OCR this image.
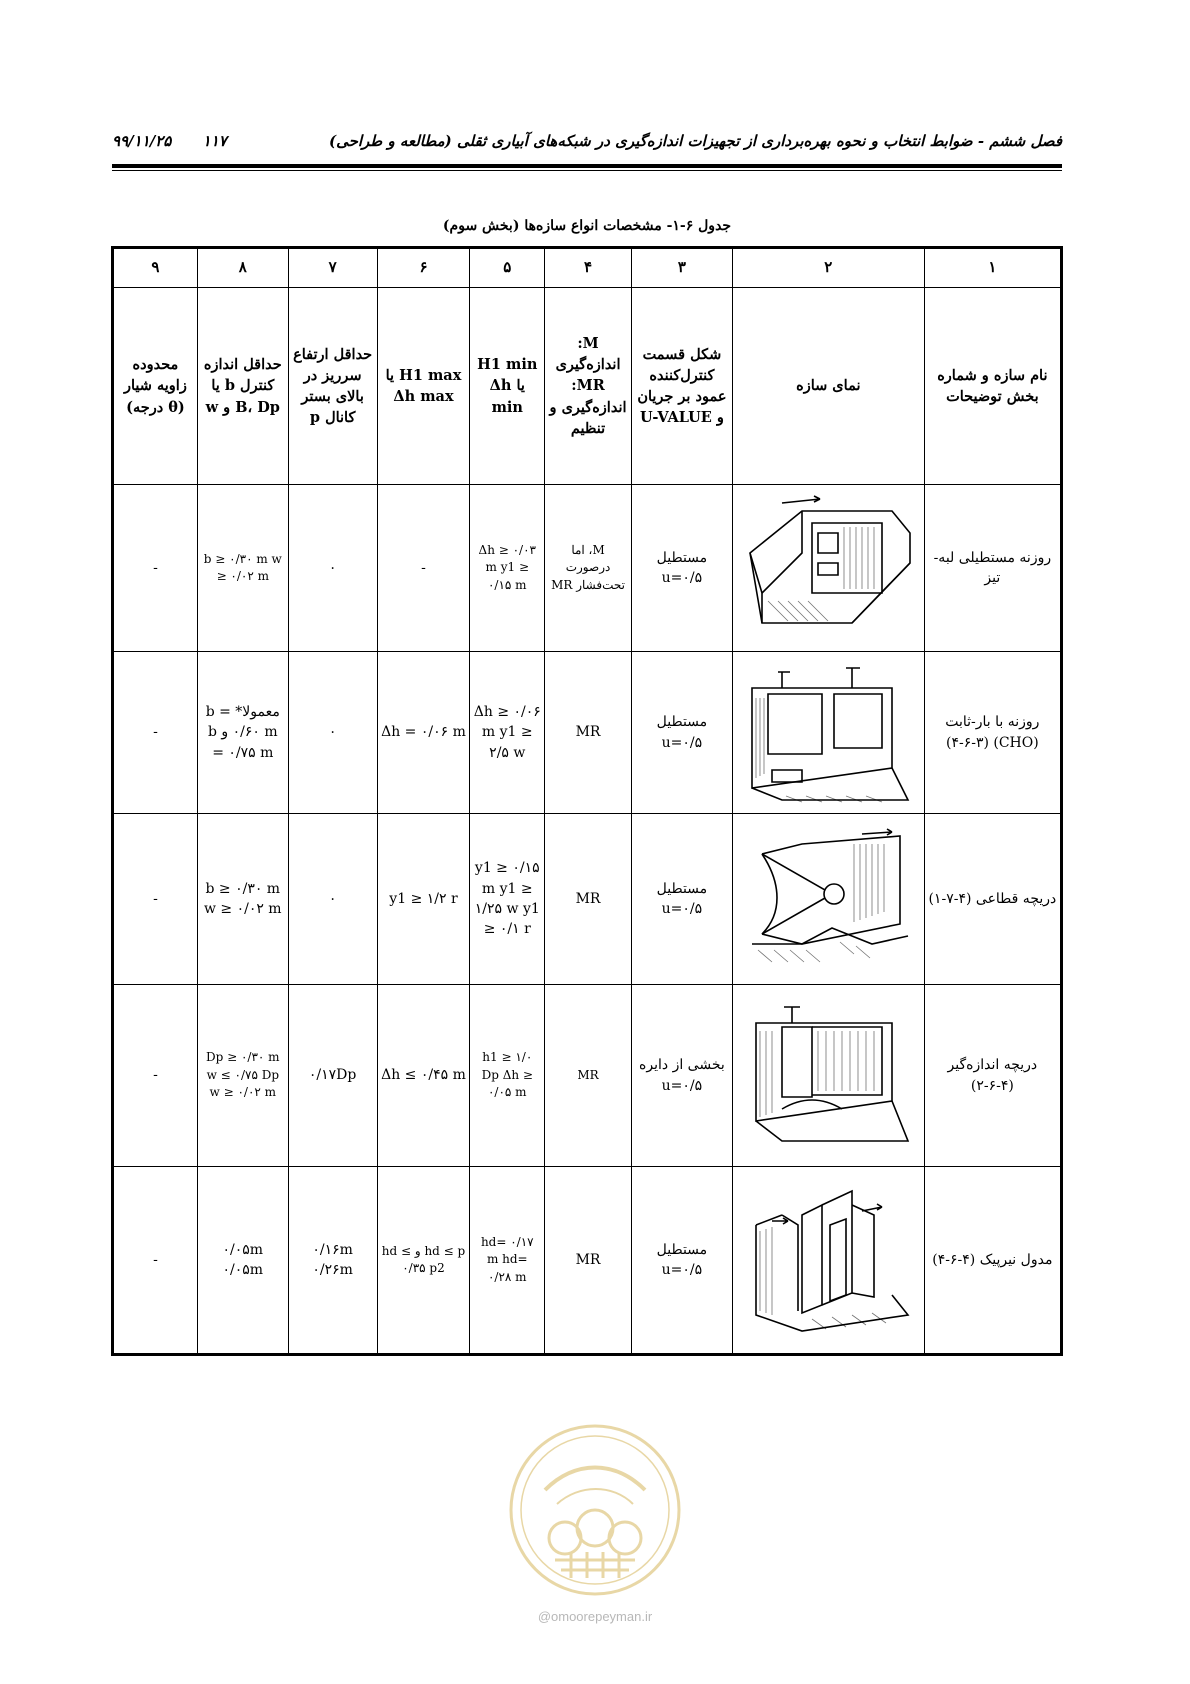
فصل ششم - ضوابط انتخاب و نحوه بهره‌برداری از تجهیزات اندازه‌گیری در شبکه‌های آبیاری ثقلی (مطالعه و طراحی)
۱۱۷      ۹۹/۱۱/۲۵
جدول ۶-۱- مشخصات انواع سازه‌ها (بخش سوم)
۱	۲	۳	۴	۵	۶	۷	۸	۹
نام سازه و شماره بخش توضیحات	نمای سازه	شکل قسمت کنترل‌کننده عمود بر جریان و U-VALUE	M: اندازه‌گیری MR: اندازه‌گیری و تنظیم	H1 min یا Δh min	H1 max یا Δh max	حداقل ارتفاع سرریز در بالای بستر کانال p	حداقل اندازه کنترل b یا B، Dp و w	محدوده زاویه شیار (θ درجه)
روزنه مستطیلی لبه-تیز		مستطیل u=۰/۵	M، اما درصورت تحت‌فشار MR	Δh ≥ ۰/۰۳ m y1 ≥ ۰/۱۵ m	-	۰	b ≥ ۰/۳۰ m w ≥ ۰/۰۲ m	-
روزنه با بار-ثابت (CHO) (۴-۶-۳)		مستطیل u=۰/۵	MR	Δh ≥ ۰/۰۶ m y1 ≥ ۲/۵ w	Δh = ۰/۰۶ m	۰	معمولا* b = ۰/۶۰ m و b = ۰/۷۵ m	-
دریچه قطاعی (۴-۷-۱)		مستطیل u=۰/۵	MR	y1 ≥ ۰/۱۵ m y1 ≥ ۱/۲۵ w y1 ≥ ۰/۱ r	y1 ≥ ۱/۲ r	۰	b ≥ ۰/۳۰ m w ≥ ۰/۰۲ m	-
دریچه اندازه‌گیر (۴-۶-۲)		بخشی از دایره u=۰/۵	MR	h1 ≥ ۱/۰ Dp Δh ≥ ۰/۰۵ m	Δh ≤ ۰/۴۵ m	۰/۱۷Dp	Dp ≥ ۰/۳۰ m w ≤ ۰/۷۵ Dp w ≥ ۰/۰۲ m	-
مدول نیرپیک (۴-۶-۴)		مستطیل u=۰/۵	MR	hd= ۰/۱۷ m hd= ۰/۲۸ m	hd ≤ p و hd ≤ ۰/۳۵ p2	۰/۱۶m ۰/۲۶m	۰/۰۵m ۰/۰۵m	-
@omoorepeyman.ir
